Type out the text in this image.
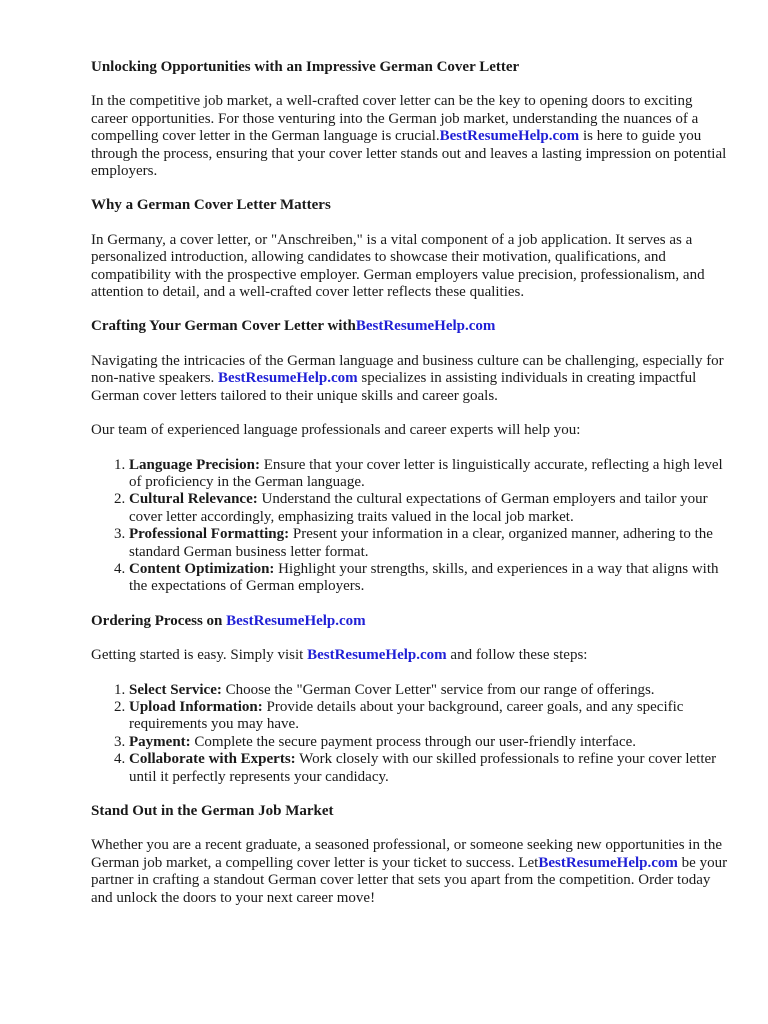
Unlocking Opportunities with an Impressive German Cover Letter

In the competitive job market, a well-crafted cover letter can be the key to opening doors to exciting career opportunities. For those venturing into the German job market, understanding the nuances of a compelling cover letter in the German language is crucial.BestResumeHelp.com is here to guide you through the process, ensuring that your cover letter stands out and leaves a lasting impression on potential employers.

Why a German Cover Letter Matters

In Germany, a cover letter, or "Anschreiben," is a vital component of a job application. It serves as a personalized introduction, allowing candidates to showcase their motivation, qualifications, and compatibility with the prospective employer. German employers value precision, professionalism, and attention to detail, and a well-crafted cover letter reflects these qualities.

Crafting Your German Cover Letter withBestResumeHelp.com

Navigating the intricacies of the German language and business culture can be challenging, especially for non-native speakers. BestResumeHelp.com specializes in assisting individuals in creating impactful German cover letters tailored to their unique skills and career goals.

Our team of experienced language professionals and career experts will help you:

1. Language Precision: Ensure that your cover letter is linguistically accurate, reflecting a high level of proficiency in the German language.
2. Cultural Relevance: Understand the cultural expectations of German employers and tailor your cover letter accordingly, emphasizing traits valued in the local job market.
3. Professional Formatting: Present your information in a clear, organized manner, adhering to the standard German business letter format.
4. Content Optimization: Highlight your strengths, skills, and experiences in a way that aligns with the expectations of German employers.
Ordering Process on BestResumeHelp.com

Getting started is easy. Simply visit BestResumeHelp.com and follow these steps:

1. Select Service: Choose the "German Cover Letter" service from our range of offerings.
2. Upload Information: Provide details about your background, career goals, and any specific requirements you may have.
3. Payment: Complete the secure payment process through our user-friendly interface.
4. Collaborate with Experts: Work closely with our skilled professionals to refine your cover letter until it perfectly represents your candidacy.
Stand Out in the German Job Market

Whether you are a recent graduate, a seasoned professional, or someone seeking new opportunities in the German job market, a compelling cover letter is your ticket to success. LetBestResumeHelp.com be your partner in crafting a standout German cover letter that sets you apart from the competition. Order today and unlock the doors to your next career move!
